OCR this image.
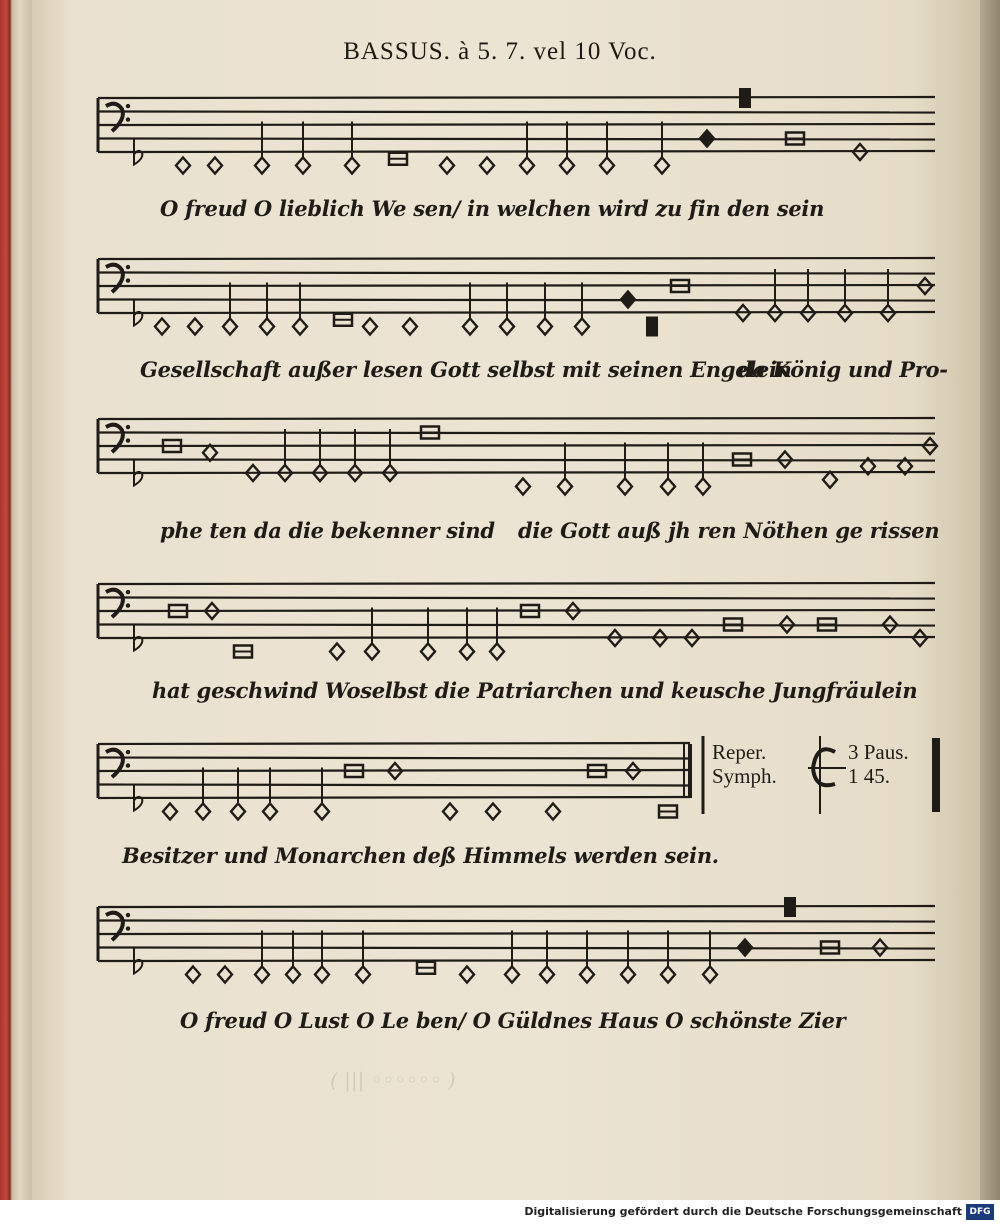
BASSUS. à 5. 7. vel 10 Voc.
O freud O lieblich We sen/ in welchen wird zu fin den sein
Gesellschaft außer lesen Gott selbst mit seinen Engelein
da König und Pro-
phe ten da die bekenner sind die Gott auß jh ren Nöthen ge rissen
hat geschwind Woselbst die Patriarchen und keusche Jungfräulein
Reper.
Symph.
3 Paus.
1 45.
Besitzer und Monarchen deß Himmels werden sein.
O freud O Lust O Le ben/ O Güldnes Haus O schönste Zier
( ||| ◦◦◦◦◦◦ )
Digitalisierung gefördert durch die Deutsche Forschungsgemeinschaft DFG
